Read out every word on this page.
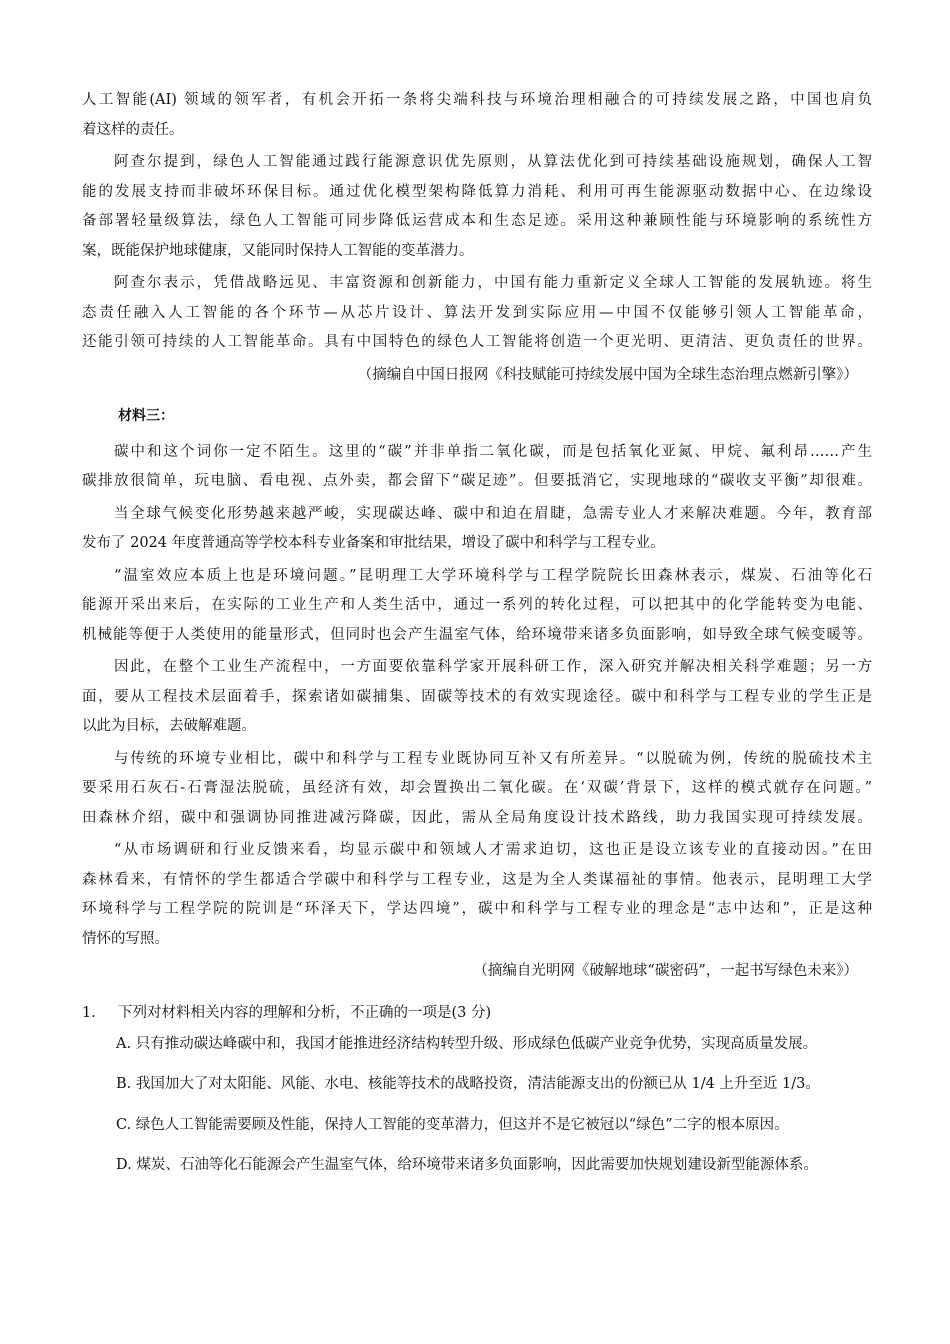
人工智能(AI) 领域的领军者，有机会开拓一条将尖端科技与环境治理相融合的可持续发展之路，中国也肩负

着这样的责任。

阿查尔提到，绿色人工智能通过践行能源意识优先原则，从算法优化到可持续基础设施规划，确保人工智

能的发展支持而非破坏环保目标。通过优化模型架构降低算力消耗、利用可再生能源驱动数据中心、在边缘设

备部署轻量级算法，绿色人工智能可同步降低运营成本和生态足迹。采用这种兼顾性能与环境影响的系统性方

案，既能保护地球健康，又能同时保持人工智能的变革潜力。

阿查尔表示，凭借战略远见、丰富资源和创新能力，中国有能力重新定义全球人工智能的发展轨迹。将生

态责任融入人工智能的各个环节—从芯片设计、算法开发到实际应用—中国不仅能够引领人工智能革命，

还能引领可持续的人工智能革命。具有中国特色的绿色人工智能将创造一个更光明、更清洁、更负责任的世界。

（摘编自中国日报网《科技赋能可持续发展中国为全球生态治理点燃新引擎》）

材料三：

碳中和这个词你一定不陌生。这里的“碳”并非单指二氧化碳，而是包括氧化亚氮、甲烷、氟利昂……产生

碳排放很简单，玩电脑、看电视、点外卖，都会留下“碳足迹”。但要抵消它，实现地球的“碳收支平衡”却很难。

当全球气候变化形势越来越严峻，实现碳达峰、碳中和迫在眉睫，急需专业人才来解决难题。今年，教育部

发布了 2024 年度普通高等学校本科专业备案和审批结果，增设了碳中和科学与工程专业。

“温室效应本质上也是环境问题。”昆明理工大学环境科学与工程学院院长田森林表示，煤炭、石油等化石

能源开采出来后，在实际的工业生产和人类生活中，通过一系列的转化过程，可以把其中的化学能转变为电能、

机械能等便于人类使用的能量形式，但同时也会产生温室气体，给环境带来诸多负面影响，如导致全球气候变暖等。

因此，在整个工业生产流程中，一方面要依靠科学家开展科研工作，深入研究并解决相关科学难题；另一方

面，要从工程技术层面着手，探索诸如碳捕集、固碳等技术的有效实现途径。碳中和科学与工程专业的学生正是

以此为目标，去破解难题。

与传统的环境专业相比，碳中和科学与工程专业既协同互补又有所差异。“以脱硫为例，传统的脱硫技术主

要采用石灰石-石膏湿法脱硫，虽经济有效，却会置换出二氧化碳。在‘双碳’背景下，这样的模式就存在问题。”

田森林介绍，碳中和强调协同推进减污降碳，因此，需从全局角度设计技术路线，助力我国实现可持续发展。

“从市场调研和行业反馈来看，均显示碳中和领域人才需求迫切，这也正是设立该专业的直接动因。”在田

森林看来，有情怀的学生都适合学碳中和科学与工程专业，这是为全人类谋福祉的事情。他表示，昆明理工大学

环境科学与工程学院的院训是“环泽天下，学达四境”，碳中和科学与工程专业的理念是“志中达和”，正是这种

情怀的写照。

（摘编自光明网《破解地球“碳密码”，一起书写绿色未来》）

1.	下列对材料相关内容的理解和分析，不正确的一项是(3 分)

A. 只有推动碳达峰碳中和，我国才能推进经济结构转型升级、形成绿色低碳产业竞争优势，实现高质量发展。

B. 我国加大了对太阳能、风能、水电、核能等技术的战略投资，清洁能源支出的份额已从 1/4 上升至近 1/3。

C. 绿色人工智能需要顾及性能，保持人工智能的变革潜力，但这并不是它被冠以“绿色”二字的根本原因。

D. 煤炭、石油等化石能源会产生温室气体，给环境带来诸多负面影响，因此需要加快规划建设新型能源体系。
